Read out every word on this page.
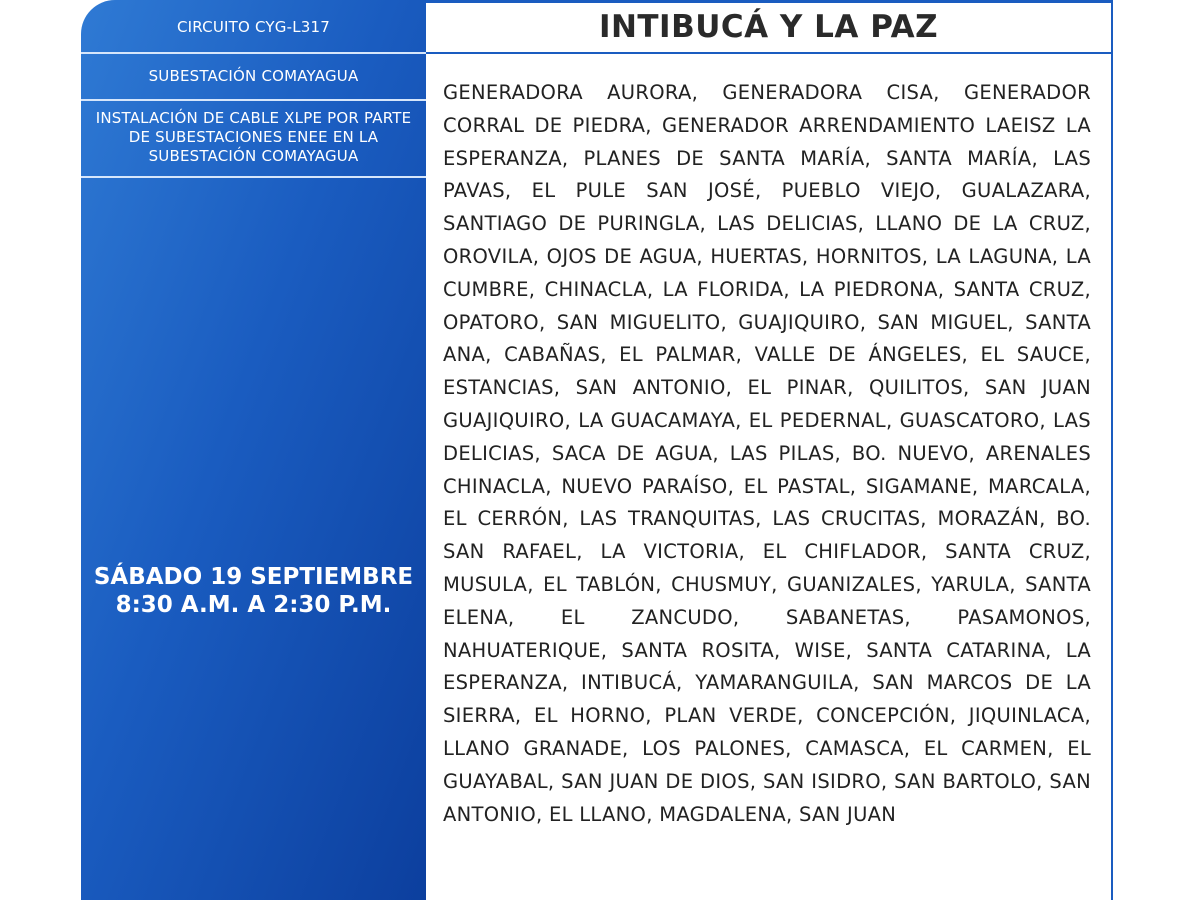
CIRCUITO CYG-L317
SUBESTACIÓN COMAYAGUA
INSTALACIÓN DE CABLE XLPE POR PARTE DE SUBESTACIONES ENEE EN LA SUBESTACIÓN COMAYAGUA
SÁBADO 19 SEPTIEMBRE
8:30 A.M. A 2:30 P.M.
INTIBUCÁ Y LA PAZ
GENERADORA AURORA, GENERADORA CISA, GENERADOR CORRAL DE PIEDRA, GENERADOR ARRENDAMIENTO LAEISZ LA ESPERANZA, PLANES DE SANTA MARÍA, SANTA MARÍA, LAS PAVAS, EL PULE SAN JOSÉ, PUEBLO VIEJO, GUALAZARA, SANTIAGO DE PURINGLA, LAS DELICIAS, LLANO DE LA CRUZ, OROVILA, OJOS DE AGUA, HUERTAS, HORNITOS, LA LAGUNA, LA CUMBRE, CHINACLA, LA FLORIDA, LA PIEDRONA, SANTA CRUZ, OPATORO, SAN MIGUELITO, GUAJIQUIRO, SAN MIGUEL, SANTA ANA, CABAÑAS, EL PALMAR, VALLE DE ÁNGELES, EL SAUCE, ESTANCIAS, SAN ANTONIO, EL PINAR, QUILITOS, SAN JUAN GUAJIQUIRO, LA GUACAMAYA, EL PEDERNAL, GUASCATORO, LAS DELICIAS, SACA DE AGUA, LAS PILAS, BO. NUEVO, ARENALES CHINACLA, NUEVO PARAÍSO, EL PASTAL, SIGAMANE, MARCALA, EL CERRÓN, LAS TRANQUITAS, LAS CRUCITAS, MORAZÁN, BO. SAN RAFAEL, LA VICTORIA, EL CHIFLADOR, SANTA CRUZ, MUSULA, EL TABLÓN, CHUSMUY, GUANIZALES, YARULA, SANTA ELENA, EL ZANCUDO, SABANETAS, PASAMONOS, NAHUATERIQUE, SANTA ROSITA, WISE, SANTA CATARINA, LA ESPERANZA, INTIBUCÁ, YAMARANGUILA, SAN MARCOS DE LA SIERRA, EL HORNO, PLAN VERDE, CONCEPCIÓN, JIQUINLACA, LLANO GRANADE, LOS PALONES, CAMASCA, EL CARMEN, EL GUAYABAL, SAN JUAN DE DIOS, SAN ISIDRO, SAN BARTOLO, SAN ANTONIO, EL LLANO, MAGDALENA, SAN JUAN
